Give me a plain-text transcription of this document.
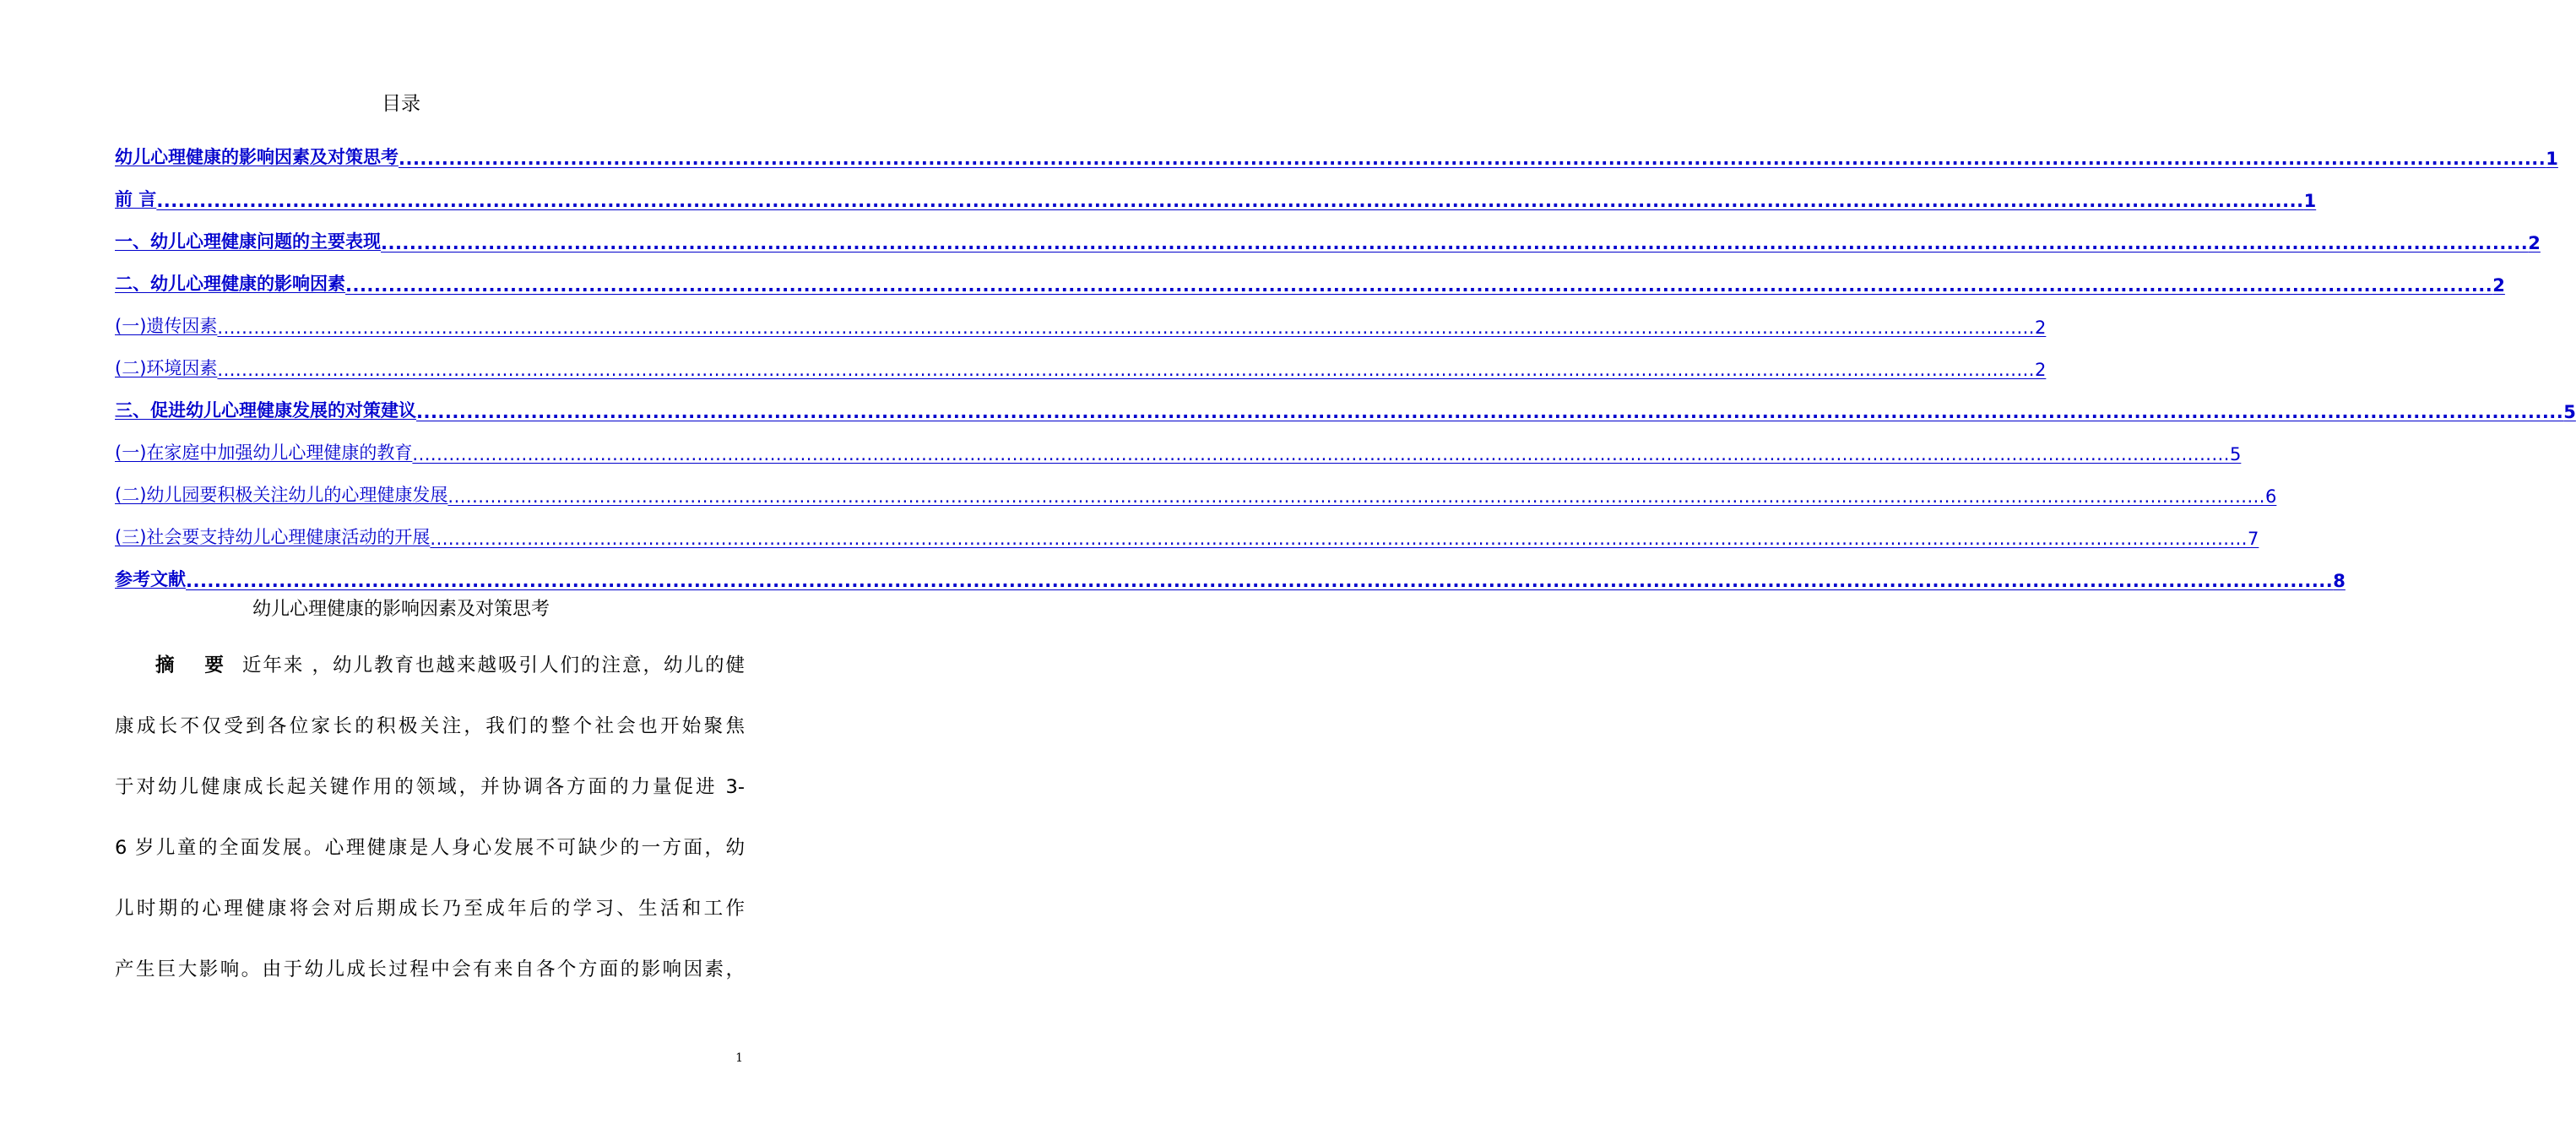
目录
幼儿心理健康的影响因素及对策思考 ............................................................................................................................................................................................................................................................................................................ 1
前 言 ............................................................................................................................................................................................................................................................................................................ 1
一、幼儿心理健康问题的主要表现 ............................................................................................................................................................................................................................................................................................................ 2
二、幼儿心理健康的影响因素 ............................................................................................................................................................................................................................................................................................................ 2
(一)遗传因素 ............................................................................................................................................................................................................................................................................................................ 2
(二)环境因素 ............................................................................................................................................................................................................................................................................................................ 2
三、促进幼儿心理健康发展的对策建议 ............................................................................................................................................................................................................................................................................................................ 5
(一)在家庭中加强幼儿心理健康的教育 ............................................................................................................................................................................................................................................................................................................ 5
(二)幼儿园要积极关注幼儿的心理健康发展 ............................................................................................................................................................................................................................................................................................................ 6
(三)社会要支持幼儿心理健康活动的开展 ............................................................................................................................................................................................................................................................................................................ 7
参考文献 ............................................................................................................................................................................................................................................................................................................ 8
幼儿心理健康的影响因素及对策思考
摘 要 近年来 ，幼儿教育也越来越吸引人们的注意，幼儿的健
康成长不仅受到各位家长的积极关注，我们的整个社会也开始聚焦
于对幼儿健康成长起关键作用的领域，并协调各方面的力量促进 3-
6 岁儿童的全面发展。心理健康是人身心发展不可缺少的一方面，幼
儿时期的心理健康将会对后期成长乃至成年后的学习、生活和工作
产生巨大影响。由于幼儿成长过程中会有来自各个方面的影响因素，
1
